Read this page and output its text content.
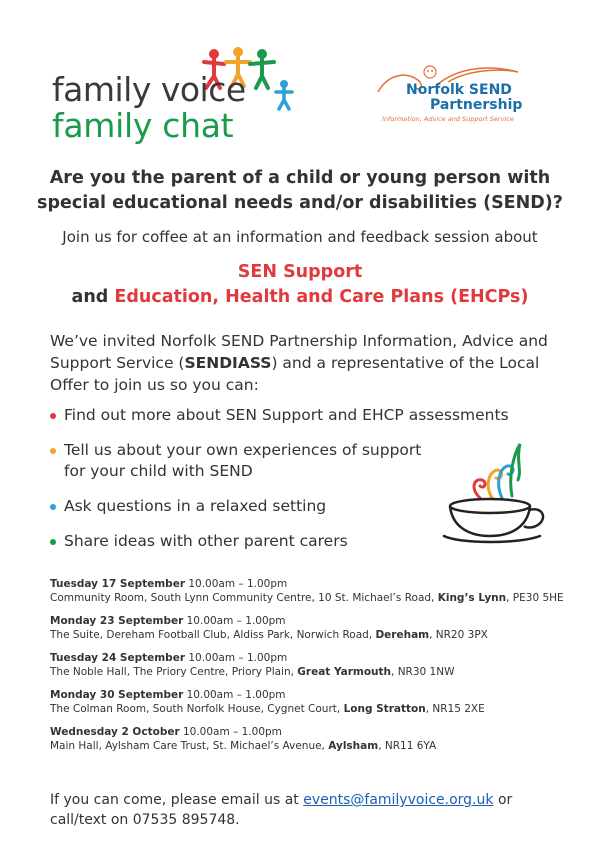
family voice
family chat
Norfolk SEND
Partnership
Information, Advice and Support Service
Are you the parent of a child or young person with
special educational needs and/or disabilities (SEND)?
Join us for coffee at an information and feedback session about
SEN Support
and Education, Health and Care Plans (EHCPs)
We’ve invited Norfolk SEND Partnership Information, Advice and Support Service (SENDIASS) and a representative of the Local Offer to join us so you can:
Find out more about SEN Support and EHCP assessments
Tell us about your own experiences of support for your child with SEND
Ask questions in a relaxed setting
Share ideas with other parent carers
Tuesday 17 September 10.00am – 1.00pm
Community Room, South Lynn Community Centre, 10 St. Michael’s Road, King’s Lynn, PE30 5HE
Monday 23 September 10.00am – 1.00pm
The Suite, Dereham Football Club, Aldiss Park, Norwich Road, Dereham, NR20 3PX
Tuesday 24 September 10.00am – 1.00pm
The Noble Hall, The Priory Centre, Priory Plain, Great Yarmouth, NR30 1NW
Monday 30 September 10.00am – 1.00pm
The Colman Room, South Norfolk House, Cygnet Court, Long Stratton, NR15 2XE
Wednesday 2 October 10.00am – 1.00pm
Main Hall, Aylsham Care Trust, St. Michael’s Avenue, Aylsham, NR11 6YA
If you can come, please email us at events@familyvoice.org.uk or call/text on 07535 895748.
